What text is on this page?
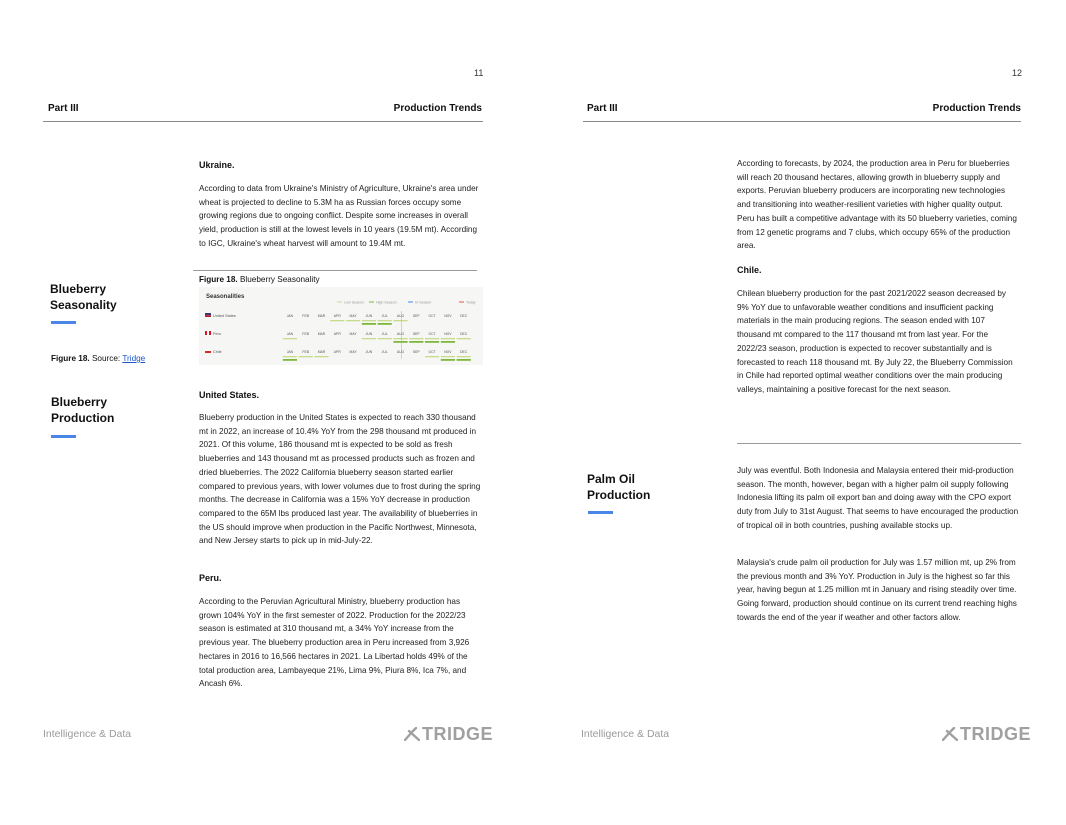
11
Part III	Production Trends
Ukraine.

According to data from Ukraine's Ministry of Agriculture, Ukraine's area under wheat is projected to decline to 5.3M ha as Russian forces occupy some growing regions due to ongoing conflict. Despite some increases in overall yield, production is still at the lowest levels in 10 years (19.5M mt). According to IGC, Ukraine's wheat harvest will amount to 19.4M mt.

Figure 18. Blueberry Seasonality
Seasonalities
Low Season	High Season	In-Season	Today
United States	JAN	FEB	MAR	APR	MAY	JUN	JUL	AUG	SEP	OCT	NOV	DEC
Peru	JAN	FEB	MAR	APR	MAY	JUN	JUL	AUG	SEP	OCT	NOV	DEC
Chile	JAN	FEB	MAR	APR	MAY	JUN	JUL	AUG	SEP	OCT	NOV	DEC
Blueberry
Seasonality
Figure 18. Source: Tridge
Blueberry
Production
United States.

Blueberry production in the United States is expected to reach 330 thousand mt in 2022, an increase of 10.4% YoY from the 298 thousand mt produced in 2021. Of this volume, 186 thousand mt is expected to be sold as fresh blueberries and 143 thousand mt as processed products such as frozen and dried blueberries. The 2022 California blueberry season started earlier compared to previous years, with lower volumes due to frost during the spring months. The decrease in California was a 15% YoY decrease in production compared to the 65M lbs produced last year. The availability of blueberries in the US should improve when production in the Pacific Northwest, Minnesota, and New Jersey starts to pick up in mid-July-22.

Peru.

According to the Peruvian Agricultural Ministry, blueberry production has grown 104% YoY in the first semester of 2022. Production for the 2022/23 season is estimated at 310 thousand mt, a 34% YoY increase from the previous year. The blueberry production area in Peru increased from 3,926 hectares in 2016 to 16,566 hectares in 2021. La Libertad holds 49% of the total production area, Lambayeque 21%, Lima 9%, Piura 8%, Ica 7%, and Ancash 6%.

Intelligence & Data	TRIDGE
12
Part III	Production Trends

According to forecasts, by 2024, the production area in Peru for blueberries will reach 20 thousand hectares, allowing growth in blueberry supply and exports. Peruvian blueberry producers are incorporating new technologies and transitioning into weather-resilient varieties with higher quality output. Peru has built a competitive advantage with its 50 blueberry varieties, coming from 12 genetic programs and 7 clubs, which occupy 65% of the production area.

Chile.

Chilean blueberry production for the past 2021/2022 season decreased by 9% YoY due to unfavorable weather conditions and insufficient packing materials in the main producing regions. The season ended with 107 thousand mt compared to the 117 thousand mt from last year. For the 2022/23 season, production is expected to recover substantially and is forecasted to reach 118 thousand mt. By July 22, the Blueberry Commission in Chile had reported optimal weather conditions over the main producing valleys, maintaining a positive forecast for the next season.

Palm Oil
Production

July was eventful. Both Indonesia and Malaysia entered their mid-production season. The month, however, began with a higher palm oil supply following Indonesia lifting its palm oil export ban and doing away with the CPO export duty from July to 31st August. That seems to have encouraged the production of tropical oil in both countries, pushing available stocks up.

Malaysia's crude palm oil production for July was 1.57 million mt, up 2% from the previous month and 3% YoY. Production in July is the highest so far this year, having begun at 1.25 million mt in January and rising steadily over time. Going forward, production should continue on its current trend reaching highs towards the end of the year if weather and other factors allow.

Intelligence & Data	TRIDGE
